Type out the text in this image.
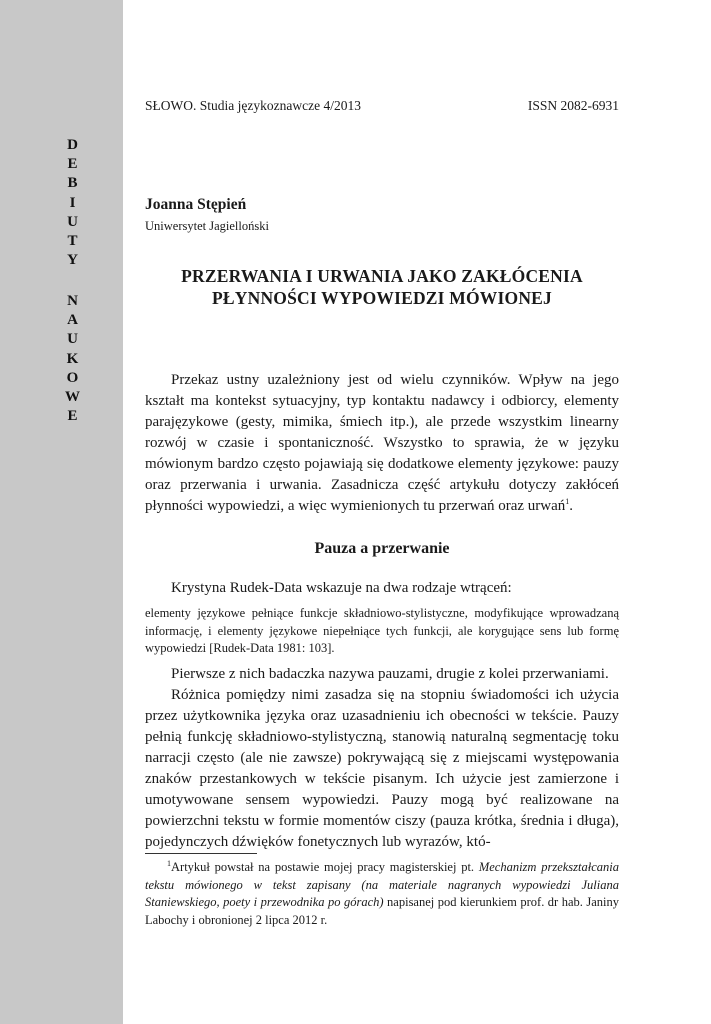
D
E
B
I
U
T
Y
N
A
U
K
O
W
E
SŁOWO. Studia językoznawcze 4/2013	ISSN 2082-6931
Joanna Stępień
Uniwersytet Jagielloński
PRZERWANIA I URWANIA JAKO ZAKŁÓCENIA
PŁYNNOŚCI WYPOWIEDZI MÓWIONEJ

Przekaz ustny uzależniony jest od wielu czynników. Wpływ na jego kształt ma kontekst sytuacyjny, typ kontaktu nadawcy i odbiorcy, elementy parajęzykowe (gesty, mimika, śmiech itp.), ale przede wszystkim linearny rozwój w czasie i spontaniczność. Wszystko to sprawia, że w języku mówionym bardzo często pojawiają się dodatkowe elementy językowe: pauzy oraz przerwania i urwania. Zasadnicza część artykułu dotyczy zakłóceń płynności wypowiedzi, a więc wymienionych tu przerwań oraz urwań$^1$.

Pauza a przerwanie

Krystyna Rudek-Data wskazuje na dwa rodzaje wtrąceń:

elementy językowe pełniące funkcje składniowo-stylistyczne, modyfikujące wprowadzaną informację, i elementy językowe niepełniące tych funkcji, ale korygujące sens lub formę wypowiedzi [Rudek-Data 1981: 103].

Pierwsze z nich badaczka nazywa pauzami, drugie z kolei przerwaniami.

Różnica pomiędzy nimi zasadza się na stopniu świadomości ich użycia przez użytkownika języka oraz uzasadnieniu ich obecności w tekście. Pauzy pełnią funkcję składniowo-stylistyczną, stanowią naturalną segmentację toku narracji często (ale nie zawsze) pokrywającą się z miejscami występowania znaków przestankowych w tekście pisanym. Ich użycie jest zamierzone i umotywowane sensem wypowiedzi. Pauzy mogą być realizowane na powierzchni tekstu w formie momentów ciszy (pauza krótka, średnia i długa), pojedynczych dźwięków fonetycznych lub wyrazów, któ-

$^1$Artykuł powstał na postawie mojej pracy magisterskiej pt. Mechanizm przekształcania tekstu mówionego w tekst zapisany (na materiale nagranych wypowiedzi Juliana Staniewskiego, poety i przewodnika po górach) napisanej pod kierunkiem prof. dr hab. Janiny Labochy i obronionej 2 lipca 2012 r.
